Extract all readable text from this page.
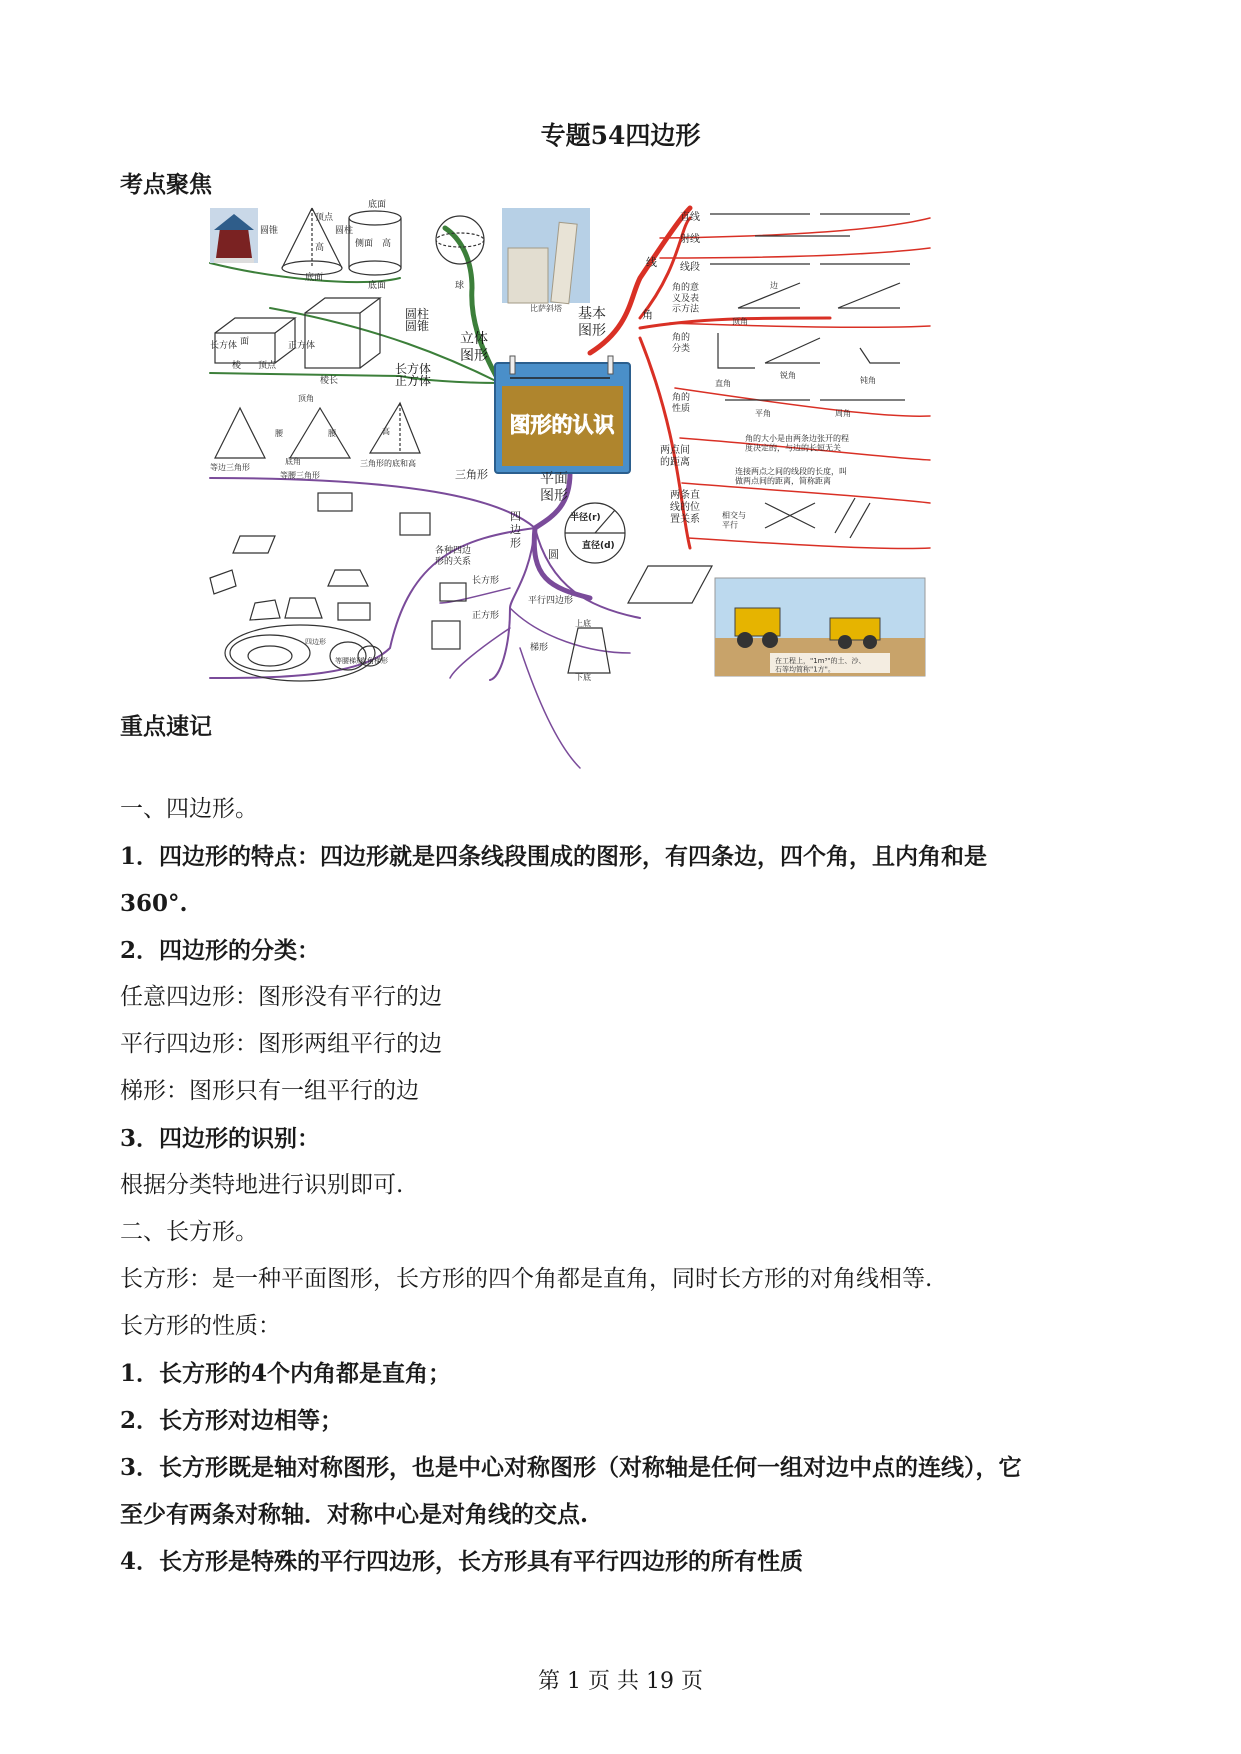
专题54四边形
考点聚焦
图形的认识
比萨斜塔
在工程上，"1m³"的土、沙、石等均简称"1方"。
圆锥
顶点
高
底面
底面
侧面 高
底面
圆柱
球
长方体 面
棱 顶点
棱长
正方体
圆柱圆锥
长方体正方体
立体图形
基本图形
线
直线
射线
线段
角
角的意义及表示方法
角的分类
角的性质
直角
锐角
钝角
平角	周角
顶角
边
角的大小是由两条边张开的程度决定的，与边的长短无关
两点间的距离
连接两点之间的线段的长度，叫做两点间的距离，简称距离
两条直线的位置关系	相交与平行
平面图形
三角形
四边形
圆
等边三角形
等腰三角形
三角形的底和高
顶角
腰	腰
底角
高
各种四边形的关系
长方形
正方形
平行四边形
梯形
上底
下底
半径(r)
直径(d)
四边形
等腰梯形
直角梯形
重点速记
一、四边形。
1．四边形的特点：四边形就是四条线段围成的图形，有四条边，四个角，且内角和是
360°.
2．四边形的分类：
任意四边形：图形没有平行的边
平行四边形：图形两组平行的边
梯形：图形只有一组平行的边
3．四边形的识别：
根据分类特地进行识别即可.
二、长方形。
长方形：是一种平面图形，长方形的四个角都是直角，同时长方形的对角线相等.
长方形的性质：
1．长方形的4个内角都是直角；
2．长方形对边相等；
3．长方形既是轴对称图形，也是中心对称图形（对称轴是任何一组对边中点的连线），它
至少有两条对称轴．对称中心是对角线的交点.
4．长方形是特殊的平行四边形，长方形具有平行四边形的所有性质
第 1 页 共 19 页
